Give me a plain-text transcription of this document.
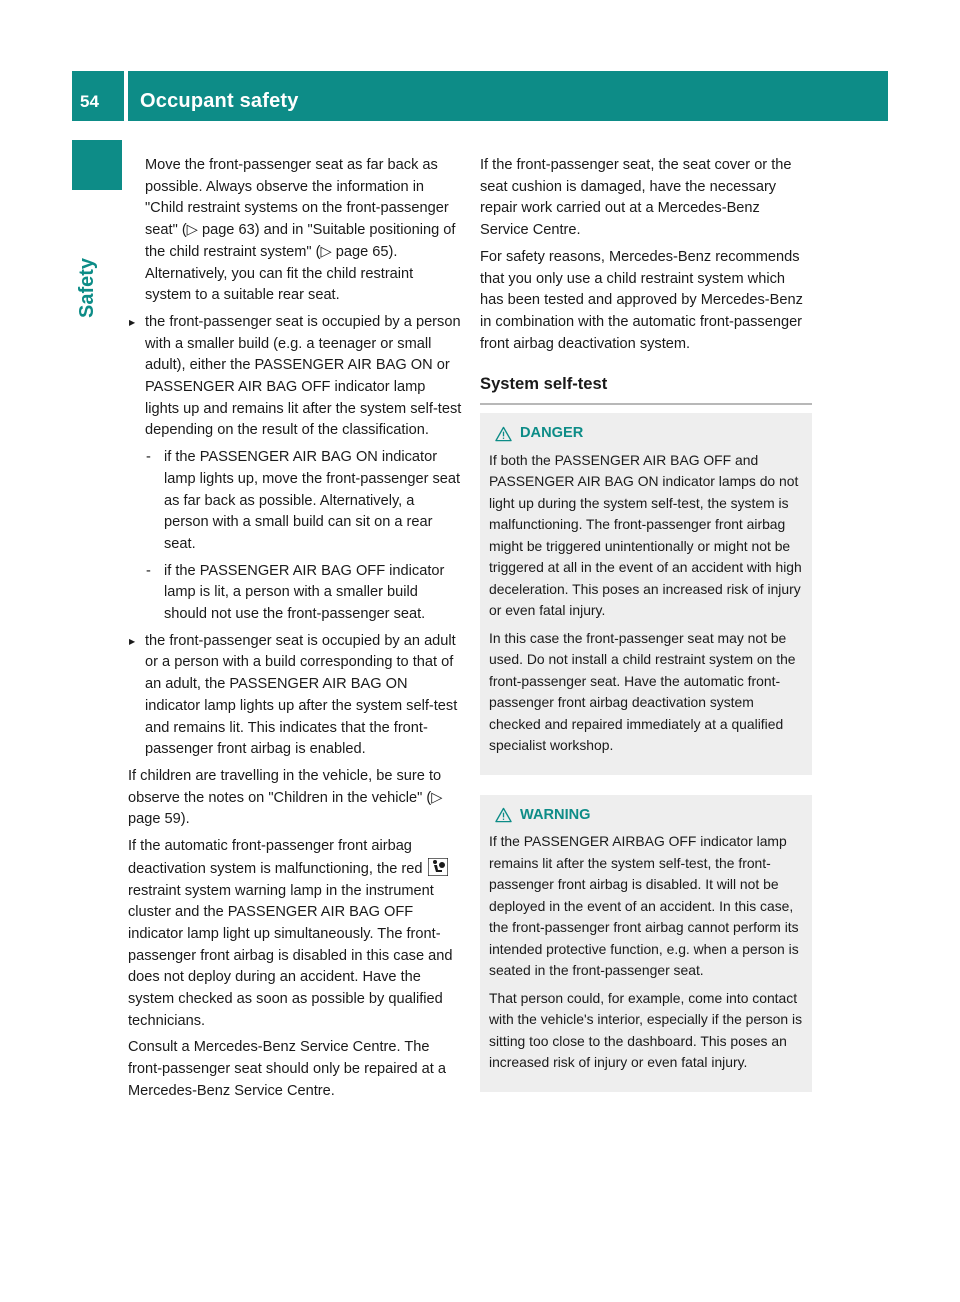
54	Occupant safety
Safety

Move the front-passenger seat as far back as possible. Always observe the information in "Child restraint systems on the front-passenger seat" (▷ page 63) and in "Suitable positioning of the child restraint system" (▷ page 65). Alternatively, you can fit the child restraint system to a suitable rear seat.

▶ the front-passenger seat is occupied by a person with a smaller build (e.g. a teenager or small adult), either the PASSENGER AIR BAG ON or PASSENGER AIR BAG OFF indicator lamp lights up and remains lit after the system self-test depending on the result of the classification.

- if the PASSENGER AIR BAG ON indicator lamp lights up, move the front-passenger seat as far back as possible. Alternatively, a person with a small build can sit on a rear seat.

- if the PASSENGER AIR BAG OFF indicator lamp is lit, a person with a smaller build should not use the front-passenger seat.

▶ the front-passenger seat is occupied by an adult or a person with a build corresponding to that of an adult, the PASSENGER AIR BAG ON indicator lamp lights up after the system self-test and remains lit. This indicates that the front-passenger front airbag is enabled.

If children are travelling in the vehicle, be sure to observe the notes on "Children in the vehicle" (▷ page 59).

If the automatic front-passenger front airbag deactivation system is malfunctioning, the redrestraint system warning lamp in the instrument cluster and the PASSENGER AIR BAG OFF indicator lamp light up simultaneously. The front-passenger front airbag is disabled in this case and does not deploy during an accident. Have the system checked as soon as possible by qualified technicians.

Consult a Mercedes-Benz Service Centre. The front-passenger seat should only be repaired at a Mercedes-Benz Service Centre.

If the front-passenger seat, the seat cover or the seat cushion is damaged, have the necessary repair work carried out at a Mercedes-Benz Service Centre.

For safety reasons, Mercedes-Benz recommends that you only use a child restraint system which has been tested and approved by Mercedes-Benz in combination with the automatic front-passenger front airbag deactivation system.

System self-test
DANGER

If both the PASSENGER AIR BAG OFF and PASSENGER AIR BAG ON indicator lamps do not light up during the system self-test, the system is malfunctioning. The front-passenger front airbag might be triggered unintentionally or might not be triggered at all in the event of an accident with high deceleration. This poses an increased risk of injury or even fatal injury.

In this case the front-passenger seat may not be used. Do not install a child restraint system on the front-passenger seat. Have the automatic front-passenger front airbag deactivation system checked and repaired immediately at a qualified specialist workshop.

WARNING

If the PASSENGER AIRBAG OFF indicator lamp remains lit after the system self-test, the front-passenger front airbag is disabled. It will not be deployed in the event of an accident. In this case, the front-passenger front airbag cannot perform its intended protective function, e.g. when a person is seated in the front-passenger seat.

That person could, for example, come into contact with the vehicle's interior, especially if the person is sitting too close to the dashboard. This poses an increased risk of injury or even fatal injury.
